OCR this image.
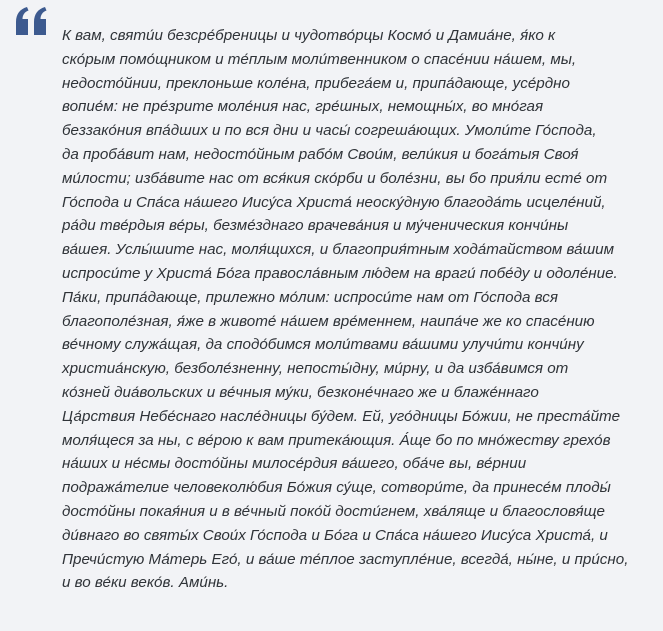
К вам, святи́и безсре́бреницы и чудотво́рцы Космо́ и Дамиа́не, я́ко к
ско́рым помо́щником и те́плым моли́твенником о спасе́нии на́шем, мы,
недосто́йнии, преклоньше коле́на, прибега́ем и, припа́дающе, усе́рдно
вопие́м: не пре́зрите моле́ния нас, гре́шных, немощны́х, во мно́гая
беззако́ния впа́дших и по вся дни и часы́ согреша́ющих. Умоли́те Го́спода,
да проба́вит нам, недосто́йным рабо́м Свои́м, вели́кия и бога́тыя Своя́
ми́лости; изба́вите нас от вся́кия ско́рби и боле́зни, вы бо прия́ли есте́ от
Го́спода и Спа́са на́шего Иису́са Христа́ неоску́дную благода́ть исцеле́ний,
ра́ди тве́рдыя ве́ры, безме́зднаго врачева́ния и му́ченическия кончи́ны
ва́шея. Услы́шите нас, моля́щихся, и благоприя́тным хода́тайством ва́шим
испроси́те у Христа́ Бо́га правосла́вным лю́дем на враги́ побе́ду и одоле́ние.
Па́ки, припа́дающе, прилежно мо́лим: испроси́те нам от Го́спода вся
благополе́зная, я́же в животе́ на́шем вре́меннем, наипа́че же ко спасе́нию
ве́чному служа́щая, да сподо́бимся моли́твами ва́шими улучи́ти кончи́ну
христиа́нскую, безболе́зненну, непосты́дну, ми́рну, и да изба́вимся от
ко́зней диа́вольских и ве́чныя му́ки, безконе́чнаго же и блаже́ннаго
Ца́рствия Небе́снаго насле́дницы бу́дем. Ей, уго́дницы Бо́жии, не преста́йте
моля́щеся за ны, с ве́рою к вам притека́ющия. А́ще бо по мно́жеству грехо́в
на́ших и не́смы досто́йны милосе́рдия ва́шего, оба́че вы, ве́рнии
подража́телие человеколю́бия Бо́жия су́ще, сотвори́те, да принесе́м плоды́
досто́йны покая́ния и в ве́чный поко́й дости́гнем, хва́ляще и благословя́ще
ди́внаго во святы́х Свои́х Го́спода и Бо́га и Спа́са на́шего Иису́са Христа́, и
Пречи́стую Ма́терь Его́, и ва́ше те́плое заступле́ние, всегда́, ны́не, и при́сно,
и во ве́ки веко́в. Ами́нь.
